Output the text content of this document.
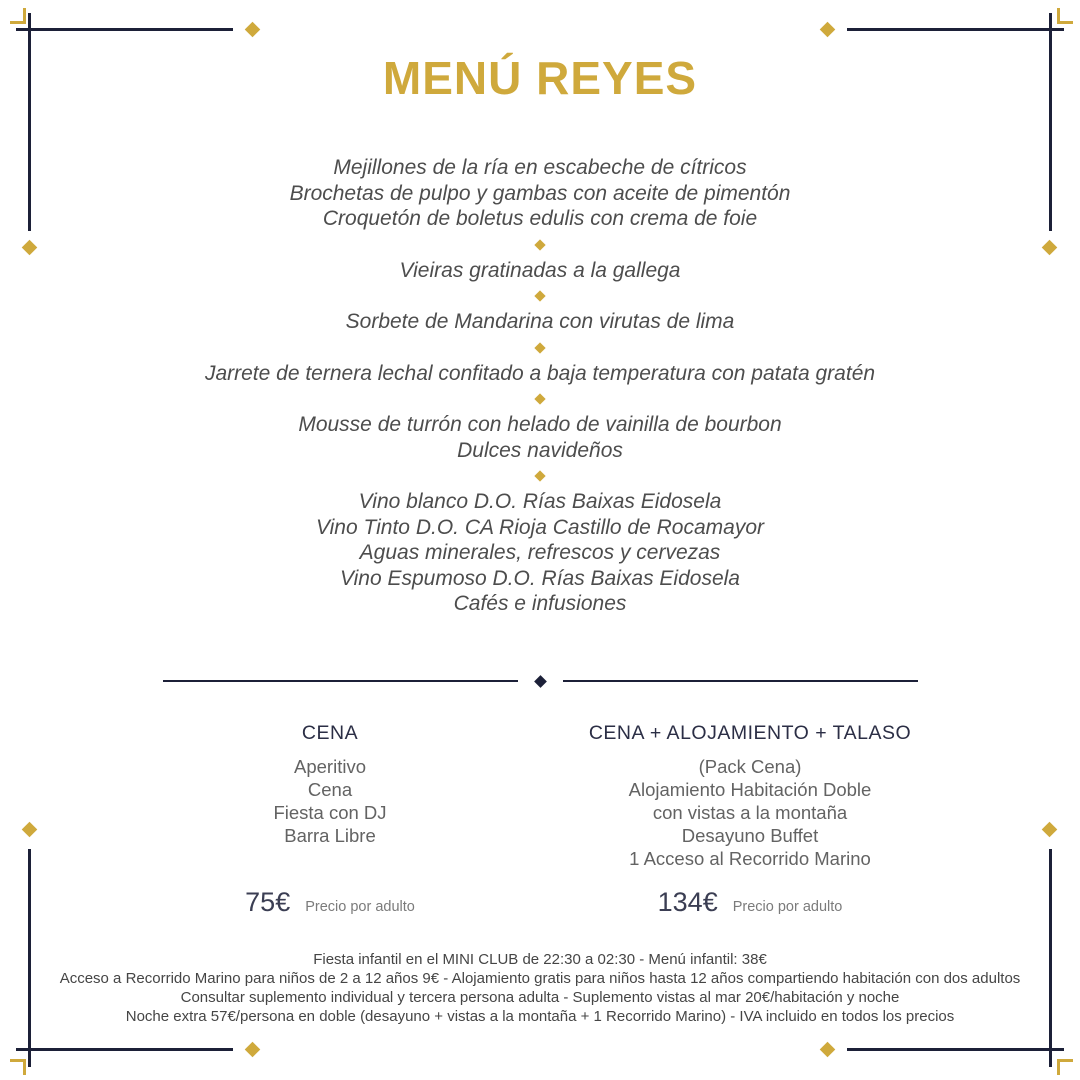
MENÚ REYES

Mejillones de la ría en escabeche de cítricos

Brochetas de pulpo y gambas con aceite de pimentón

Croquetón de boletus edulis con crema de foie

Vieiras gratinadas a la gallega

Sorbete de Mandarina con virutas de lima

Jarrete de ternera lechal confitado a baja temperatura con patata gratén

Mousse de turrón con helado de vainilla de bourbon

Dulces navideños

Vino blanco D.O. Rías Baixas Eidosela

Vino Tinto D.O. CA Rioja Castillo de Rocamayor

Aguas minerales, refrescos y cervezas

Vino Espumoso D.O. Rías Baixas Eidosela

Cafés e infusiones

CENA

Aperitivo

Cena

Fiesta con DJ

Barra Libre

75€ Precio por adulto
CENA + ALOJAMIENTO + TALASO

(Pack Cena)

Alojamiento Habitación Doble

con vistas a la montaña

Desayuno Buffet

1 Acceso al Recorrido Marino

134€ Precio por adulto

Fiesta infantil en el MINI CLUB de 22:30 a 02:30 - Menú infantil: 38€

Acceso a Recorrido Marino para niños de 2 a 12 años 9€ - Alojamiento gratis para niños hasta 12 años compartiendo habitación con dos adultos

Consultar suplemento individual y tercera persona adulta - Suplemento vistas al mar 20€/habitación y noche

Noche extra 57€/persona en doble (desayuno + vistas a la montaña + 1 Recorrido Marino) - IVA incluido en todos los precios
